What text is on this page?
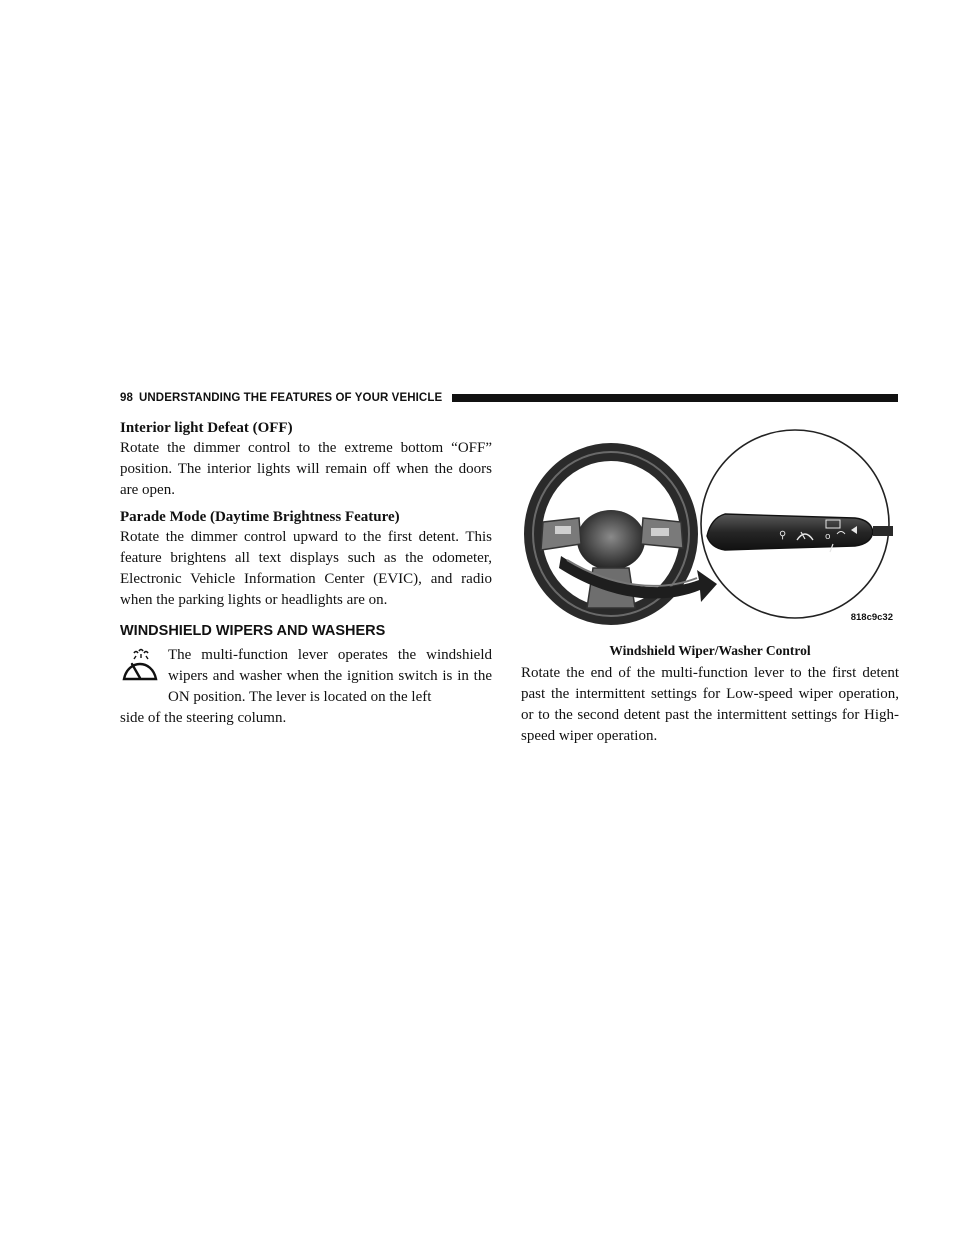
98 UNDERSTANDING THE FEATURES OF YOUR VEHICLE
Interior light Defeat (OFF)

Rotate the dimmer control to the extreme bottom “OFF” position. The interior lights will remain off when the doors are open.

Parade Mode (Daytime Brightness Feature)

Rotate the dimmer control upward to the first detent. This feature brightens all text displays such as the odometer, Electronic Vehicle Information Center (EVIC), and radio when the parking lights or headlights are on.

WINDSHIELD WIPERS AND WASHERS

The multi-function lever operates the windshield wipers and washer when the ignition switch is in the ON position. The lever is located on the left

side of the steering column.

⚲	o
818c9c32

Windshield Wiper/Washer Control

Rotate the end of the multi-function lever to the first detent past the intermittent settings for Low-speed wiper operation, or to the second detent past the intermittent settings for High-speed wiper operation.
